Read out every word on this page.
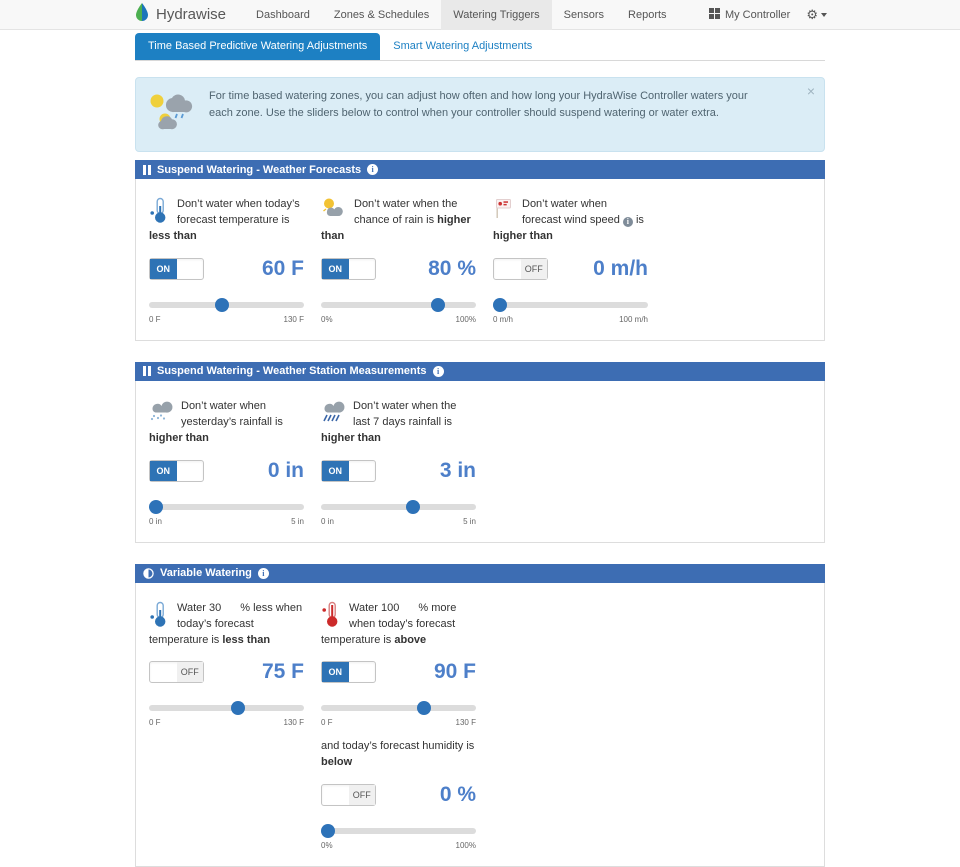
Hydrawise	Dashboard	Zones & Schedules	Watering Triggers	Sensors	Reports	My Controller ⚙
Time Based Predictive Watering Adjustments	Smart Watering Adjustments
For time based watering zones, you can adjust how often and how long your HydraWise Controller waters your each zone. Use the sliders below to control when your controller should suspend watering or water extra.
×
Suspend Watering - Weather Forecasts	i
Don’t water when today’s forecast temperature is less than
ON	60 F
0 F	130 F
Don’t water when the chance of rain is higher than
ON	80 %
0%	100%
Don’t water when forecast wind speed i is higher than
OFF 0 m/h
0 m/h	100 m/h
Suspend Watering - Weather Station Measurements	i
Don’t water when yesterday’s rainfall is higher than
ON	0 in
0 in	5 in
Don’t water when the last 7 days rainfall is higher than
ON	3 in
0 in	5 in
Variable Watering	i
Water 30 % less when today’s forecast temperature is less than
OFF	75 F
0 F	130 F
Water 100 % more when today’s forecast temperature is above
ON	90 F
0 F	130 F
and today’s forecast humidity is below
OFF	0 %
0%	100%
